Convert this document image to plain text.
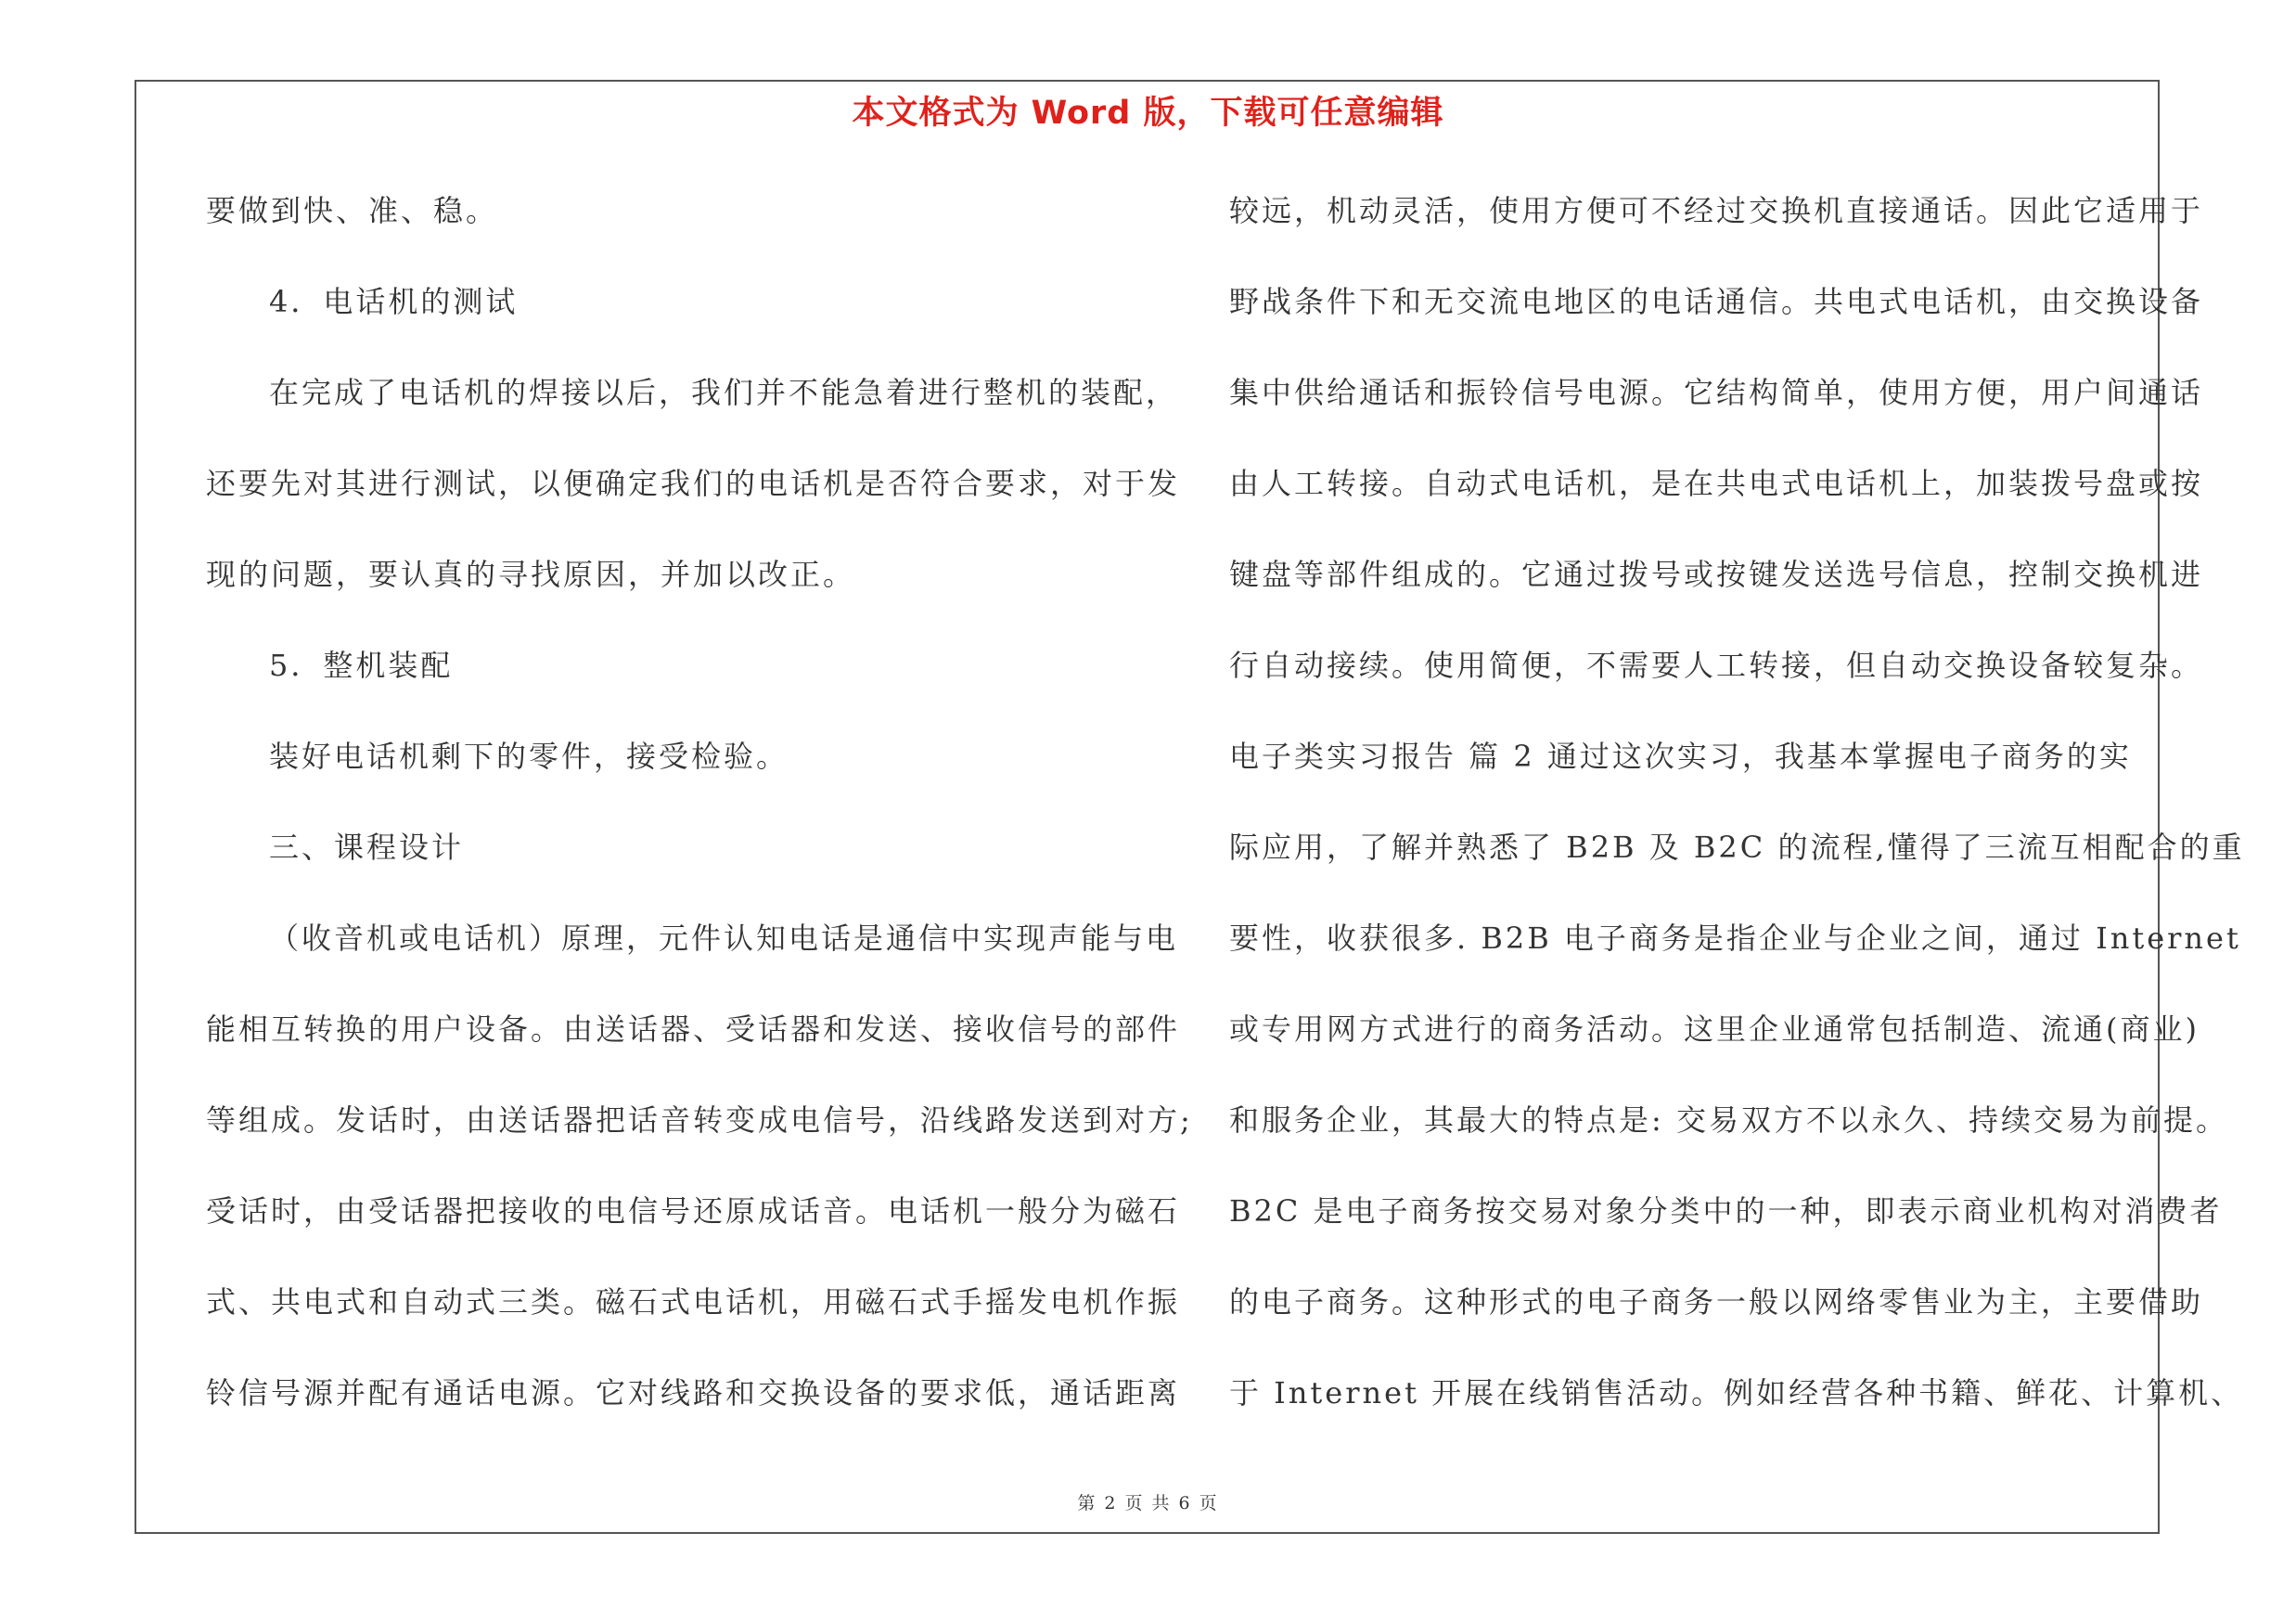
本文格式为 Word 版，下载可任意编辑
要做到快、准、稳。
4．电话机的测试
在完成了电话机的焊接以后，我们并不能急着进行整机的装配，
还要先对其进行测试，以便确定我们的电话机是否符合要求，对于发
现的问题，要认真的寻找原因，并加以改正。
5．整机装配
装好电话机剩下的零件，接受检验。
三、课程设计
（收音机或电话机）原理，元件认知电话是通信中实现声能与电
能相互转换的用户设备。由送话器、受话器和发送、接收信号的部件
等组成。发话时，由送话器把话音转变成电信号，沿线路发送到对方;
受话时，由受话器把接收的电信号还原成话音。电话机一般分为磁石
式、共电式和自动式三类。磁石式电话机，用磁石式手摇发电机作振
铃信号源并配有通话电源。它对线路和交换设备的要求低，通话距离
较远，机动灵活，使用方便可不经过交换机直接通话。因此它适用于
野战条件下和无交流电地区的电话通信。共电式电话机，由交换设备
集中供给通话和振铃信号电源。它结构简单，使用方便，用户间通话
由人工转接。自动式电话机，是在共电式电话机上，加装拨号盘或按
键盘等部件组成的。它通过拨号或按键发送选号信息，控制交换机进
行自动接续。使用简便，不需要人工转接，但自动交换设备较复杂。
电子类实习报告 篇 2 通过这次实习，我基本掌握电子商务的实
际应用，了解并熟悉了 B2B 及 B2C 的流程,懂得了三流互相配合的重
要性，收获很多. B2B 电子商务是指企业与企业之间，通过 Internet
或专用网方式进行的商务活动。这里企业通常包括制造、流通(商业)
和服务企业，其最大的特点是: 交易双方不以永久、持续交易为前提。
B2C 是电子商务按交易对象分类中的一种，即表示商业机构对消费者
的电子商务。这种形式的电子商务一般以网络零售业为主，主要借助
于 Internet 开展在线销售活动。例如经营各种书籍、鲜花、计算机、
第 2 页 共 6 页
